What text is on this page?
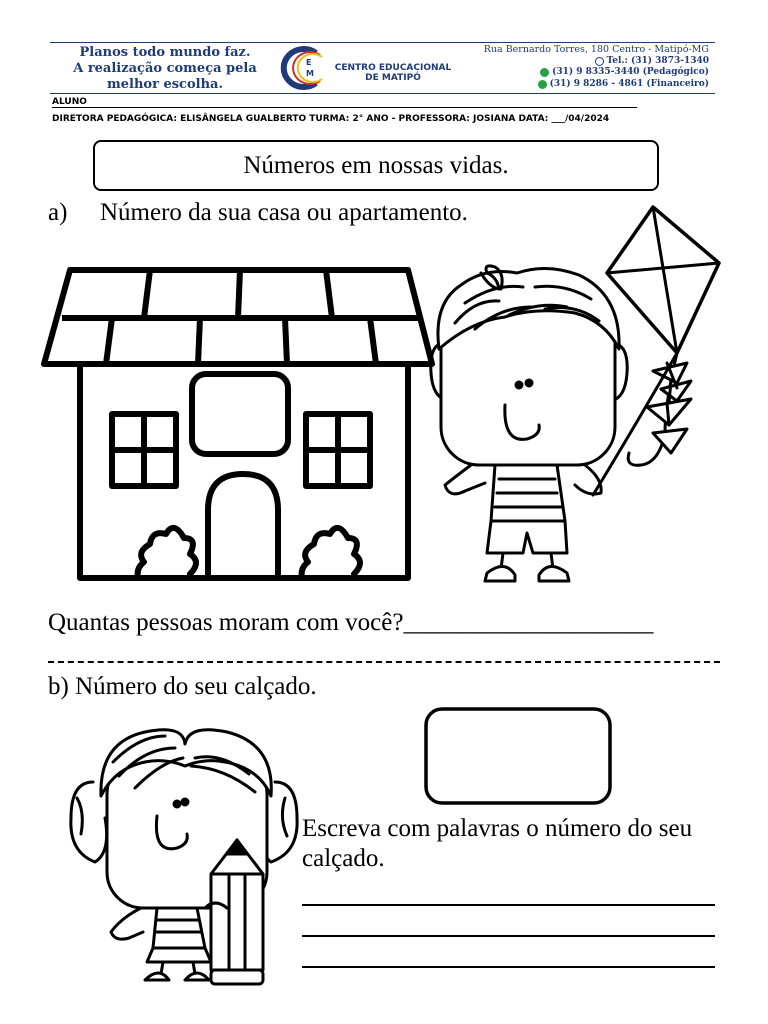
Planos todo mundo faz.
A realização começa pela
melhor escolha.
E
M
CENTRO EDUCACIONAL
DE MATIPÓ
Rua Bernardo Torres, 180 Centro - Matipó-MG
Tel.: (31) 3873-1340
(31) 9 8335-3440 (Pedagógico)
(31) 9 8286 - 4861 (Financeiro)
ALUNO
DIRETORA PEDAGÓGICA: ELISÂNGELA GUALBERTO TURMA: 2° ANO - PROFESSORA: JOSIANA DATA: ___/04/2024
Números em nossas vidas.
a) Número da sua casa ou apartamento.
Quantas pessoas moram com você?____________________
b) Número do seu calçado.
Escreva com palavras o número do seu calçado.
